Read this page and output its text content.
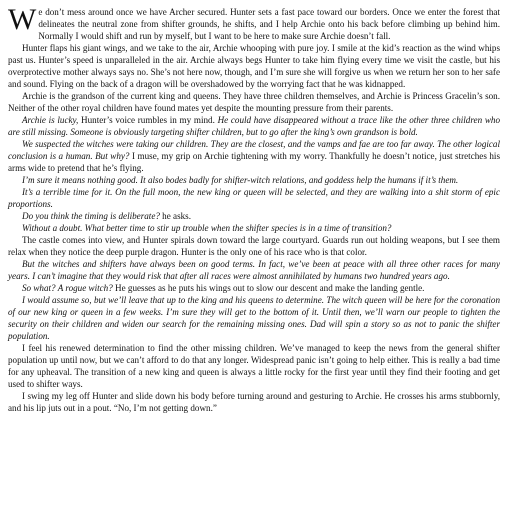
We don’t mess around once we have Archer secured. Hunter sets a fast pace toward our borders. Once we enter the forest that delineates the neutral zone from shifter grounds, he shifts, and I help Archie onto his back before climbing up behind him. Normally I would shift and run by myself, but I want to be here to make sure Archie doesn’t fall.

Hunter flaps his giant wings, and we take to the air, Archie whooping with pure joy. I smile at the kid’s reaction as the wind whips past us. Hunter’s speed is unparalleled in the air. Archie always begs Hunter to take him flying every time we visit the castle, but his overprotective mother always says no. She’s not here now, though, and I’m sure she will forgive us when we return her son to her safe and sound. Flying on the back of a dragon will be overshadowed by the worrying fact that he was kidnapped.

Archie is the grandson of the current king and queens. They have three children themselves, and Archie is Princess Gracelin’s son. Neither of the other royal children have found mates yet despite the mounting pressure from their parents.

Archie is lucky, Hunter’s voice rumbles in my mind. He could have disappeared without a trace like the other three children who are still missing. Someone is obviously targeting shifter children, but to go after the king’s own grandson is bold.

We suspected the witches were taking our children. They are the closest, and the vamps and fae are too far away. The other logical conclusion is a human. But why? I muse, my grip on Archie tightening with my worry. Thankfully he doesn’t notice, just stretches his arms wide to pretend that he’s flying.

I’m sure it means nothing good. It also bodes badly for shifter-witch relations, and goddess help the humans if it’s them.

It’s a terrible time for it. On the full moon, the new king or queen will be selected, and they are walking into a shit storm of epic proportions.

Do you think the timing is deliberate? he asks.

Without a doubt. What better time to stir up trouble when the shifter species is in a time of transition?

The castle comes into view, and Hunter spirals down toward the large courtyard. Guards run out holding weapons, but I see them relax when they notice the deep purple dragon. Hunter is the only one of his race who is that color.

But the witches and shifters have always been on good terms. In fact, we’ve been at peace with all three other races for many years. I can’t imagine that they would risk that after all races were almost annihilated by humans two hundred years ago.

So what? A rogue witch? He guesses as he puts his wings out to slow our descent and make the landing gentle.

I would assume so, but we’ll leave that up to the king and his queens to determine. The witch queen will be here for the coronation of our new king or queen in a few weeks. I’m sure they will get to the bottom of it. Until then, we’ll warn our people to tighten the security on their children and widen our search for the remaining missing ones. Dad will spin a story so as not to panic the shifter population.

I feel his renewed determination to find the other missing children. We’ve managed to keep the news from the general shifter population up until now, but we can’t afford to do that any longer. Widespread panic isn’t going to help either. This is really a bad time for any upheaval. The transition of a new king and queen is always a little rocky for the first year until they find their footing and get used to shifter ways.

I swing my leg off Hunter and slide down his body before turning around and gesturing to Archie. He crosses his arms stubbornly, and his lip juts out in a pout. “No, I’m not getting down.”
